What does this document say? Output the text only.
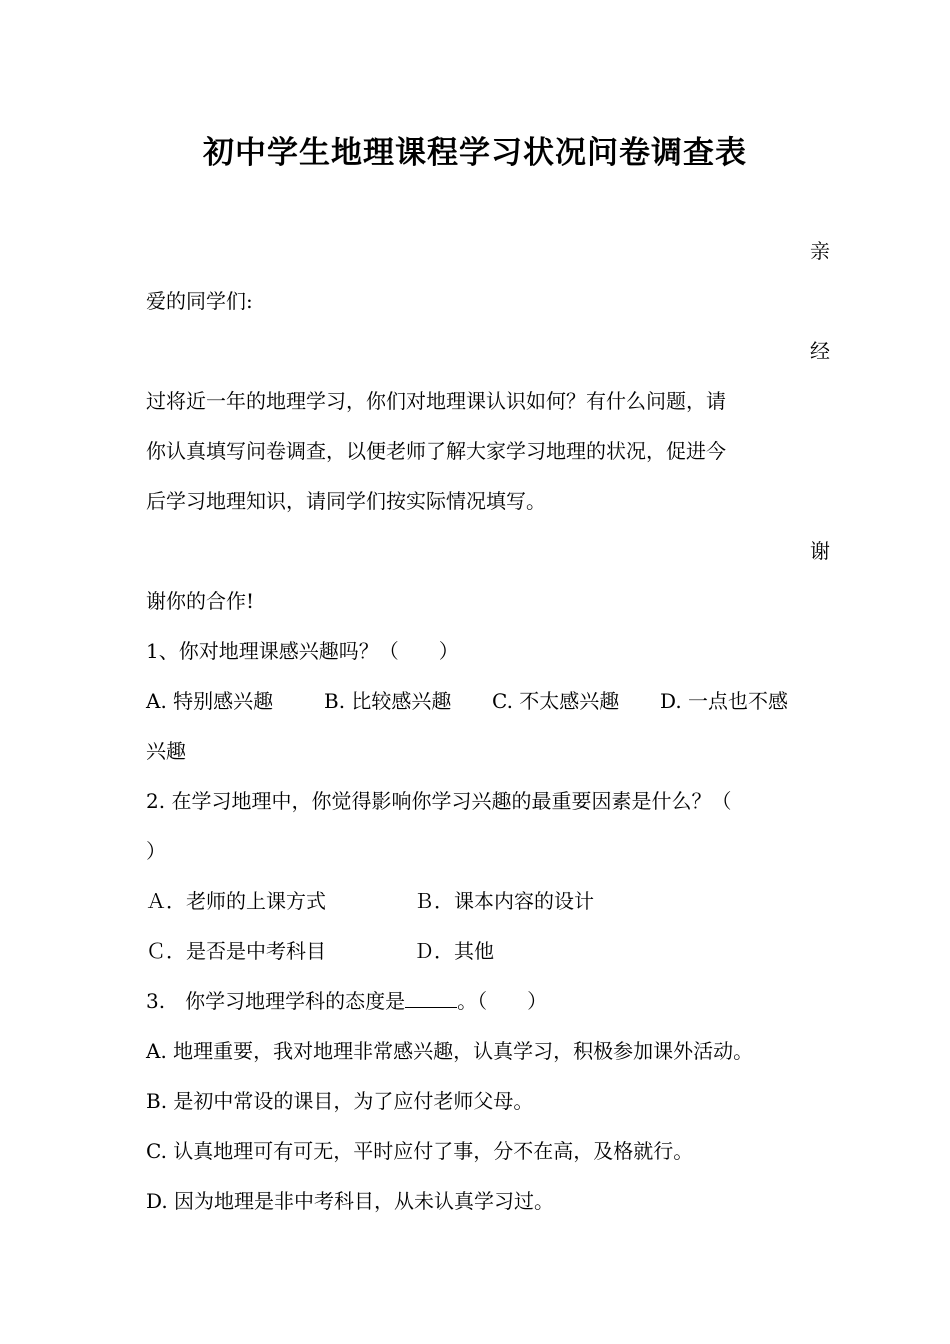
初中学生地理课程学习状况问卷调查表
亲
爱的同学们:
经
过将近一年的地理学习，你们对地理课认识如何？有什么问题，请
你认真填写问卷调查，以便老师了解大家学习地理的状况，促进今
后学习地理知识，请同学们按实际情况填写。
谢
谢你的合作!
1、你对地理课感兴趣吗？（　　）
A. 特别感兴趣	B. 比较感兴趣 C. 不太感兴趣 D. 一点也不感
兴趣
2. 在学习地理中，你觉得影响你学习兴趣的最重要因素是什么？（
）
Ａ．老师的上课方式	Ｂ．课本内容的设计
Ｃ．是否是中考科目	Ｄ．其他
3.　你学习地理学科的态度是	。（　　）
A. 地理重要，我对地理非常感兴趣，认真学习，积极参加课外活动。
B. 是初中常设的课目，为了应付老师父母。
C. 认真地理可有可无，平时应付了事，分不在高，及格就行。
D. 因为地理是非中考科目，从未认真学习过。
